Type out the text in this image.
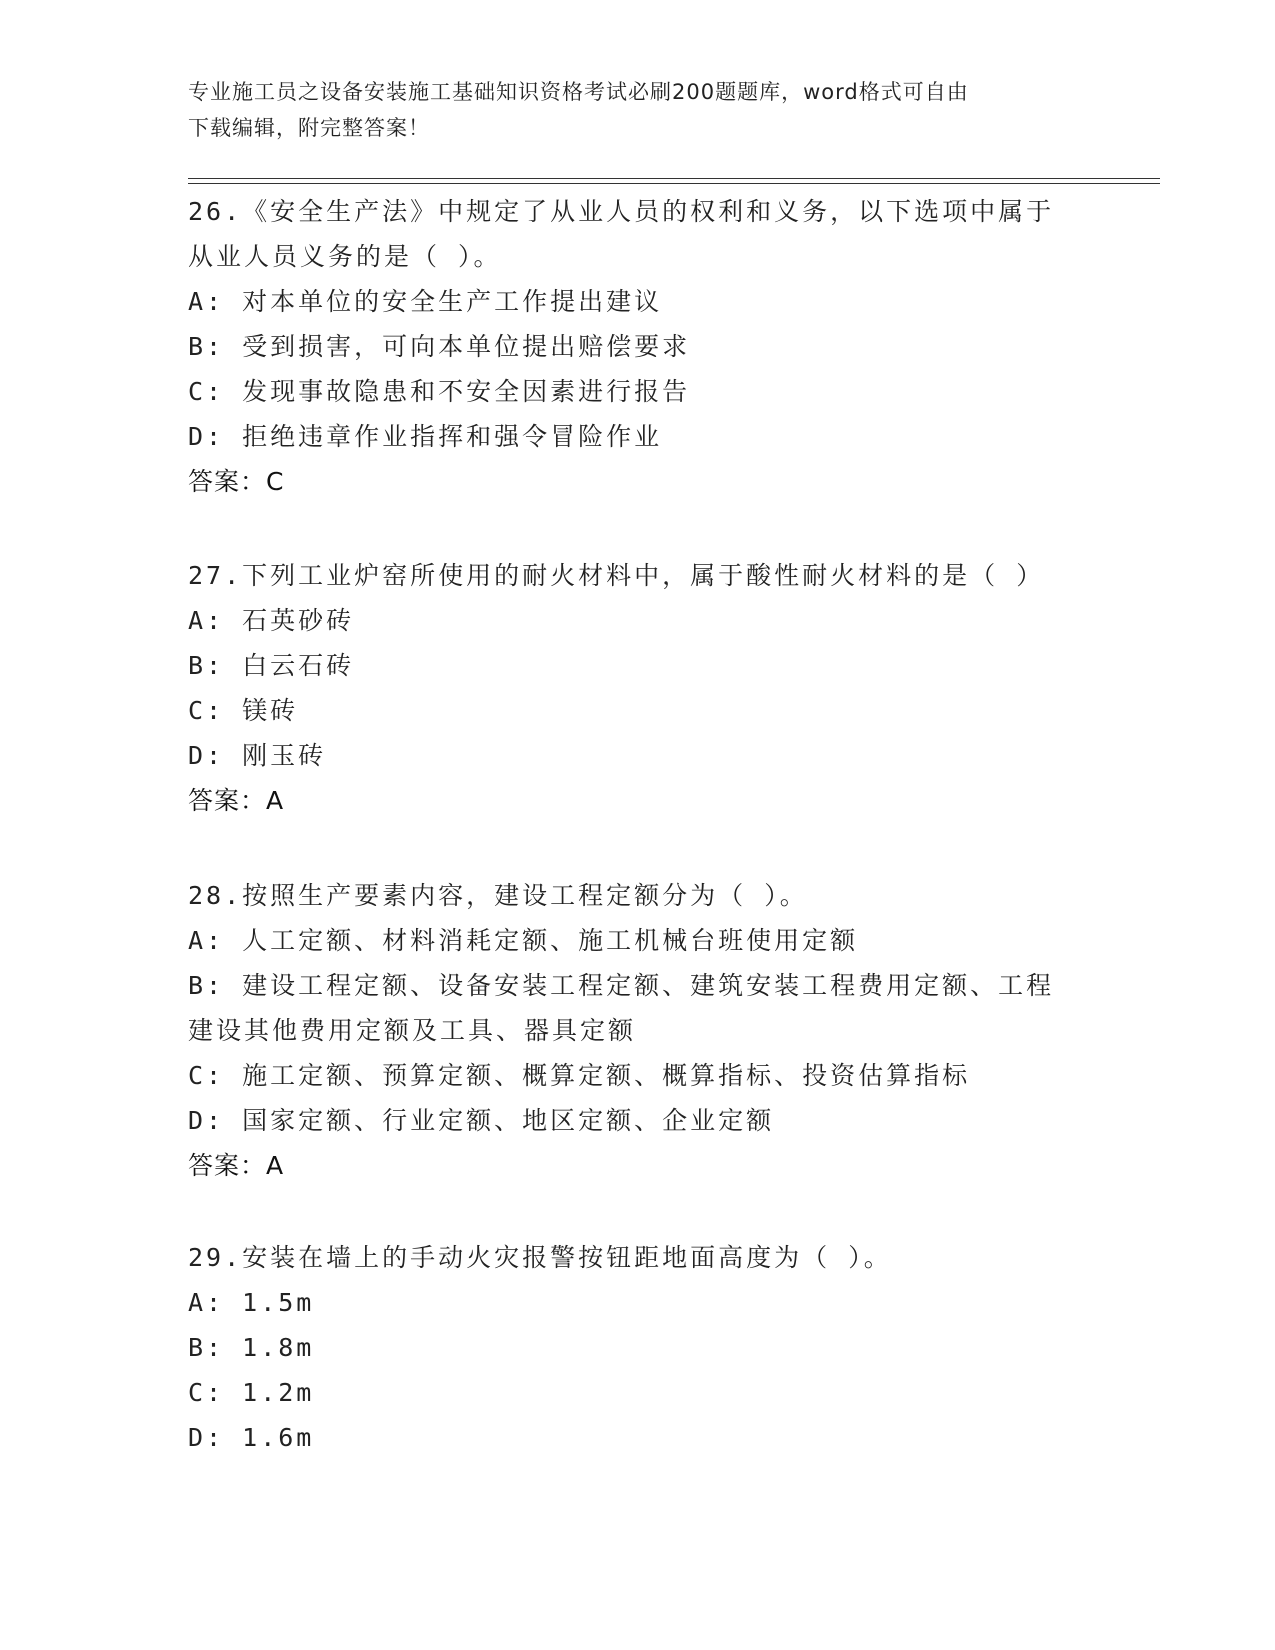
专业施工员之设备安装施工基础知识资格考试必刷200题题库，word格式可自由
下载编辑，附完整答案！
26.《安全生产法》中规定了从业人员的权利和义务，以下选项中属于
从业人员义务的是（ ）。
A: 对本单位的安全生产工作提出建议
B: 受到损害，可向本单位提出赔偿要求
C: 发现事故隐患和不安全因素进行报告
D: 拒绝违章作业指挥和强令冒险作业
答案：C
27.下列工业炉窑所使用的耐火材料中，属于酸性耐火材料的是（ ）
A: 石英砂砖
B: 白云石砖
C: 镁砖
D: 刚玉砖
答案：A
28.按照生产要素内容，建设工程定额分为（ ）。
A: 人工定额、材料消耗定额、施工机械台班使用定额
B: 建设工程定额、设备安装工程定额、建筑安装工程费用定额、工程
建设其他费用定额及工具、器具定额
C: 施工定额、预算定额、概算定额、概算指标、投资估算指标
D: 国家定额、行业定额、地区定额、企业定额
答案：A
29.安装在墙上的手动火灾报警按钮距地面高度为（ ）。
A: 1.5m
B: 1.8m
C: 1.2m
D: 1.6m
